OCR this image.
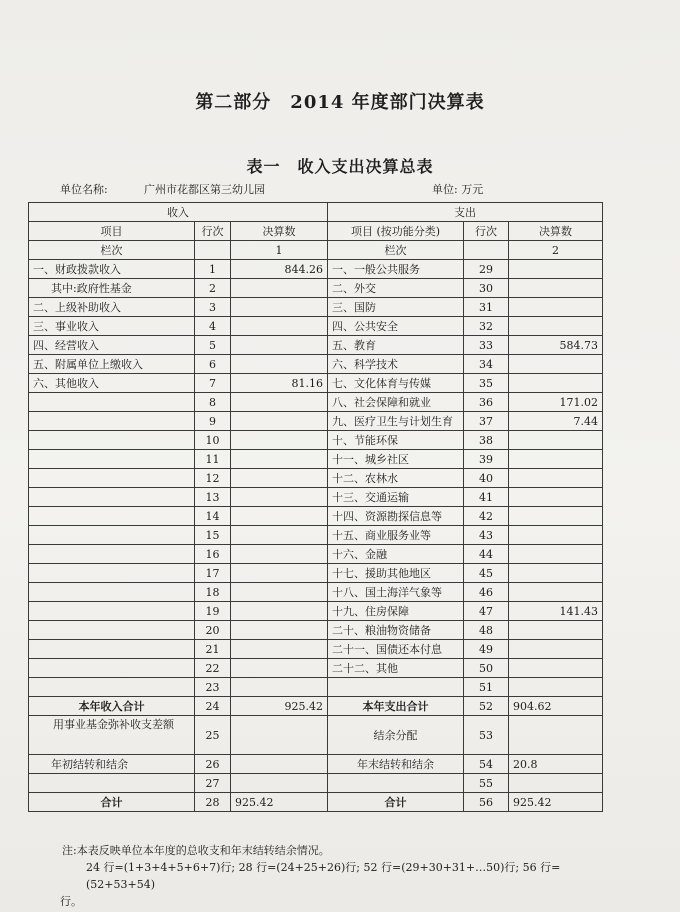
第二部分　2014 年度部门决算表
表一　收入支出决算总表
单位名称:	广州市花都区第三幼儿园	单位: 万元
收入			支出		
项目	行次	决算数	项目 (按功能分类)	行次	决算数
栏次		1	栏次		2
一、财政拨款收入	1	844.26	一、一般公共服务	29	
其中:政府性基金	2		二、外交	30	
二、上级补助收入	3		三、国防	31	
三、事业收入	4		四、公共安全	32	
四、经营收入	5		五、教育	33	584.73
五、附属单位上缴收入	6		六、科学技术	34	
六、其他收入	7	81.16	七、文化体育与传媒	35	
	8		八、社会保障和就业	36	171.02
	9		九、医疗卫生与计划生育	37	7.44
	10		十、节能环保	38	
	11		十一、城乡社区	39	
	12		十二、农林水	40	
	13		十三、交通运输	41	
	14		十四、资源勘探信息等	42	
	15		十五、商业服务业等	43	
	16		十六、金融	44	
	17		十七、援助其他地区	45	
	18		十八、国土海洋气象等	46	
	19		十九、住房保障	47	141.43
	20		二十、粮油物资储备	48	
	21		二十一、国债还本付息	49	
	22		二十二、其他	50	
	23			51	
本年收入合计	24	925.42	本年支出合计	52	904.62
用事业基金弥补收支差额	25		结余分配	53	
年初结转和结余	26		年末结转和结余	54	20.8
	27			55	
合计	28	925.42	合计	56	925.42
注:本表反映单位本年度的总收支和年末结转结余情况。
24 行=(1+3+4+5+6+7)行; 28 行=(24+25+26)行; 52 行=(29+30+31+…50)行; 56 行=(52+53+54)
行。
